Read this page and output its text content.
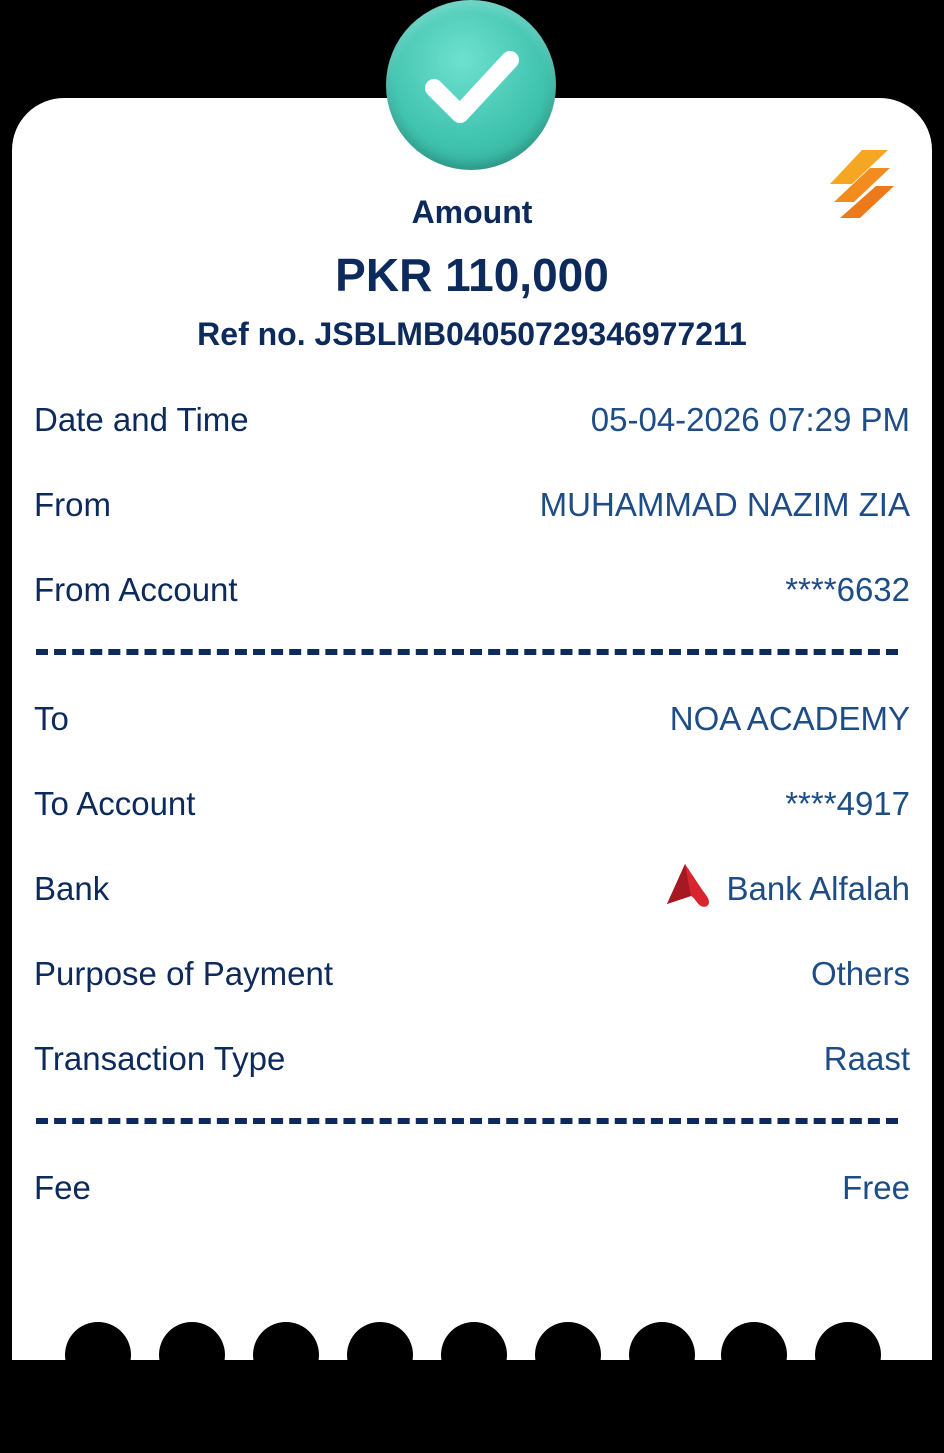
Amount
PKR 110,000
Ref no. JSBLMB04050729346977211
Date and Time	05-04-2026 07:29 PM
From	MUHAMMAD NAZIM ZIA
From Account	****6632
To	NOA ACADEMY
To Account	****4917
Bank	Bank Alfalah
Purpose of Payment	Others
Transaction Type	Raast
Fee	Free
